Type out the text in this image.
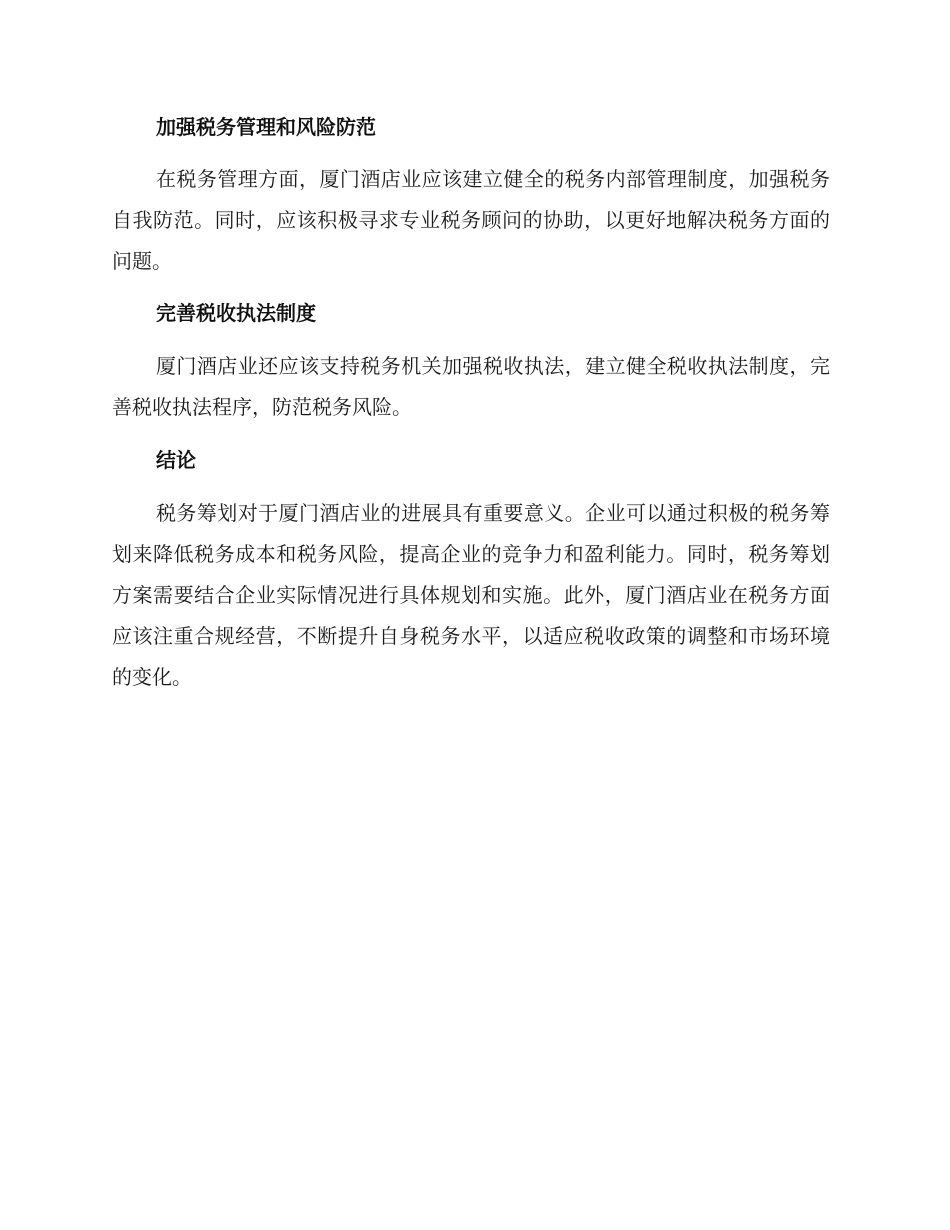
加强税务管理和风险防范

在税务管理方面，厦门酒店业应该建立健全的税务内部管理制度，加强税务自我防范。同时，应该积极寻求专业税务顾问的协助，以更好地解决税务方面的问题。

完善税收执法制度

厦门酒店业还应该支持税务机关加强税收执法，建立健全税收执法制度，完善税收执法程序，防范税务风险。

结论

税务筹划对于厦门酒店业的进展具有重要意义。企业可以通过积极的税务筹划来降低税务成本和税务风险，提高企业的竞争力和盈利能力。同时，税务筹划方案需要结合企业实际情况进行具体规划和实施。此外，厦门酒店业在税务方面应该注重合规经营，不断提升自身税务水平，以适应税收政策的调整和市场环境的变化。
